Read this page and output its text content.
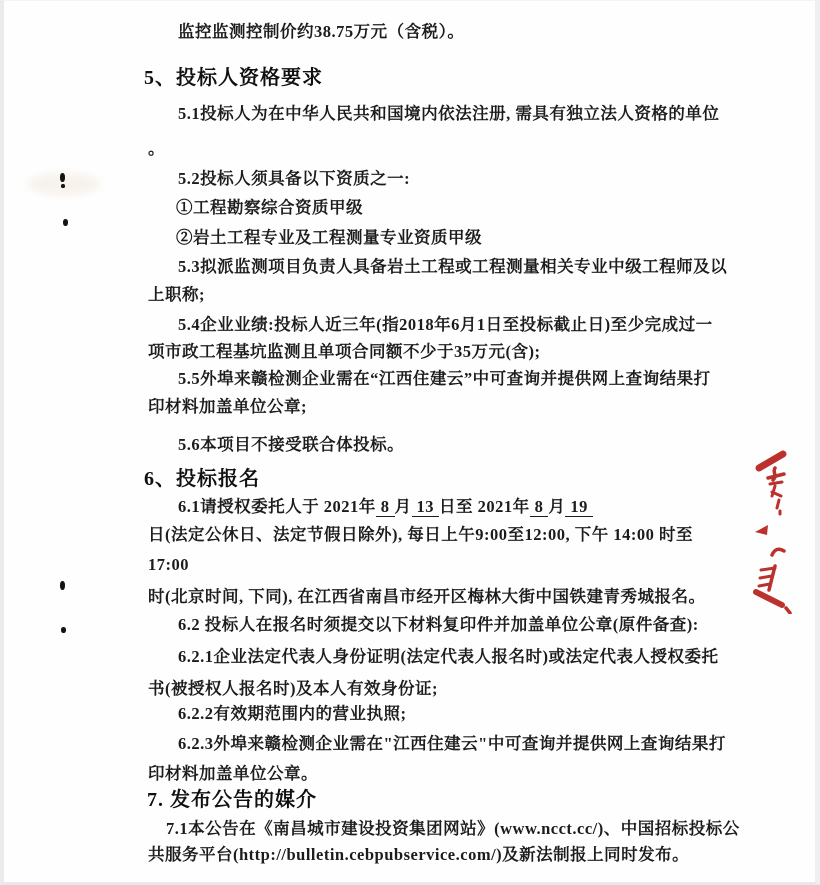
监控监测控制价约38.75万元（含税）。
5、投标人资格要求
5.1投标人为在中华人民共和国境内依法注册, 需具有独立法人资格的单位
。
5.2投标人须具备以下资质之一:
①工程勘察综合资质甲级
②岩土工程专业及工程测量专业资质甲级
5.3拟派监测项目负责人具备岩土工程或工程测量相关专业中级工程师及以
上职称;
5.4企业业绩:投标人近三年(指2018年6月1日至投标截止日)至少完成过一
项市政工程基坑监测且单项合同额不少于35万元(含);
5.5外埠来赣检测企业需在“江西住建云”中可查询并提供网上查询结果打
印材料加盖单位公章;
5.6本项目不接受联合体投标。
6、投标报名
6.1请授权委托人于 2021年 8 月 13 日至 2021年 8 月 19
日(法定公休日、法定节假日除外), 每日上午9:00至12:00, 下午 14:00 时至
17:00
时(北京时间, 下同), 在江西省南昌市经开区梅林大街中国铁建青秀城报名。
6.2 投标人在报名时须提交以下材料复印件并加盖单位公章(原件备查):
6.2.1企业法定代表人身份证明(法定代表人报名时)或法定代表人授权委托
书(被授权人报名时)及本人有效身份证;
6.2.2有效期范围内的营业执照;
6.2.3外埠来赣检测企业需在"江西住建云"中可查询并提供网上查询结果打
印材料加盖单位公章。
7. 发布公告的媒介
7.1本公告在《南昌城市建设投资集团网站》(www.ncct.cc/)、中国招标投标公
共服务平台(http://bulletin.cebpubservice.com/)及新法制报上同时发布。
